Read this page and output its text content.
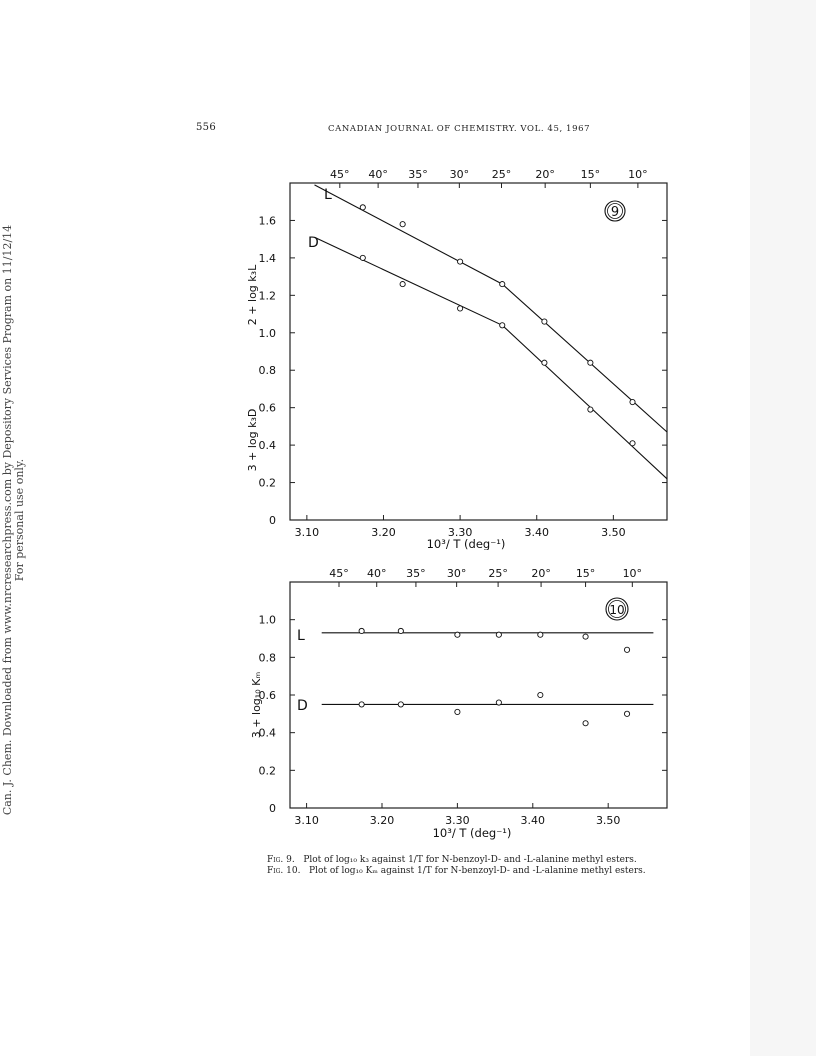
Can. J. Chem. Downloaded from www.nrcresearchpress.com by Depository Services Program on 11/12/14 For personal use only.
556	CANADIAN JOURNAL OF CHEMISTRY. VOL. 45, 1967
0
0.2
0.4
0.6
0.8
1.0
1.2
1.4
1.6
3.10	3.20	3.30	3.40	3.50
45° 40° 35° 30° 25° 20° 15°	10°
L
D
9
2 + log k₃L
3 + log k₃D
10³/ T (deg⁻¹)
0
0.2
0.4
0.6
0.8
1.0
3.10	3.20	3.30	3.40	3.50
45° 40° 35° 30° 25° 20° 15° 10°
L
D
10
3 + log₁₀ Kₘ
10³/ T (deg⁻¹)
Fig. 9. Plot of log₁₀ k₃ against 1/T for N-benzoyl-D- and -L-alanine methyl esters.
Fig. 10. Plot of log₁₀ Kₘ against 1/T for N-benzoyl-D- and -L-alanine methyl esters.
